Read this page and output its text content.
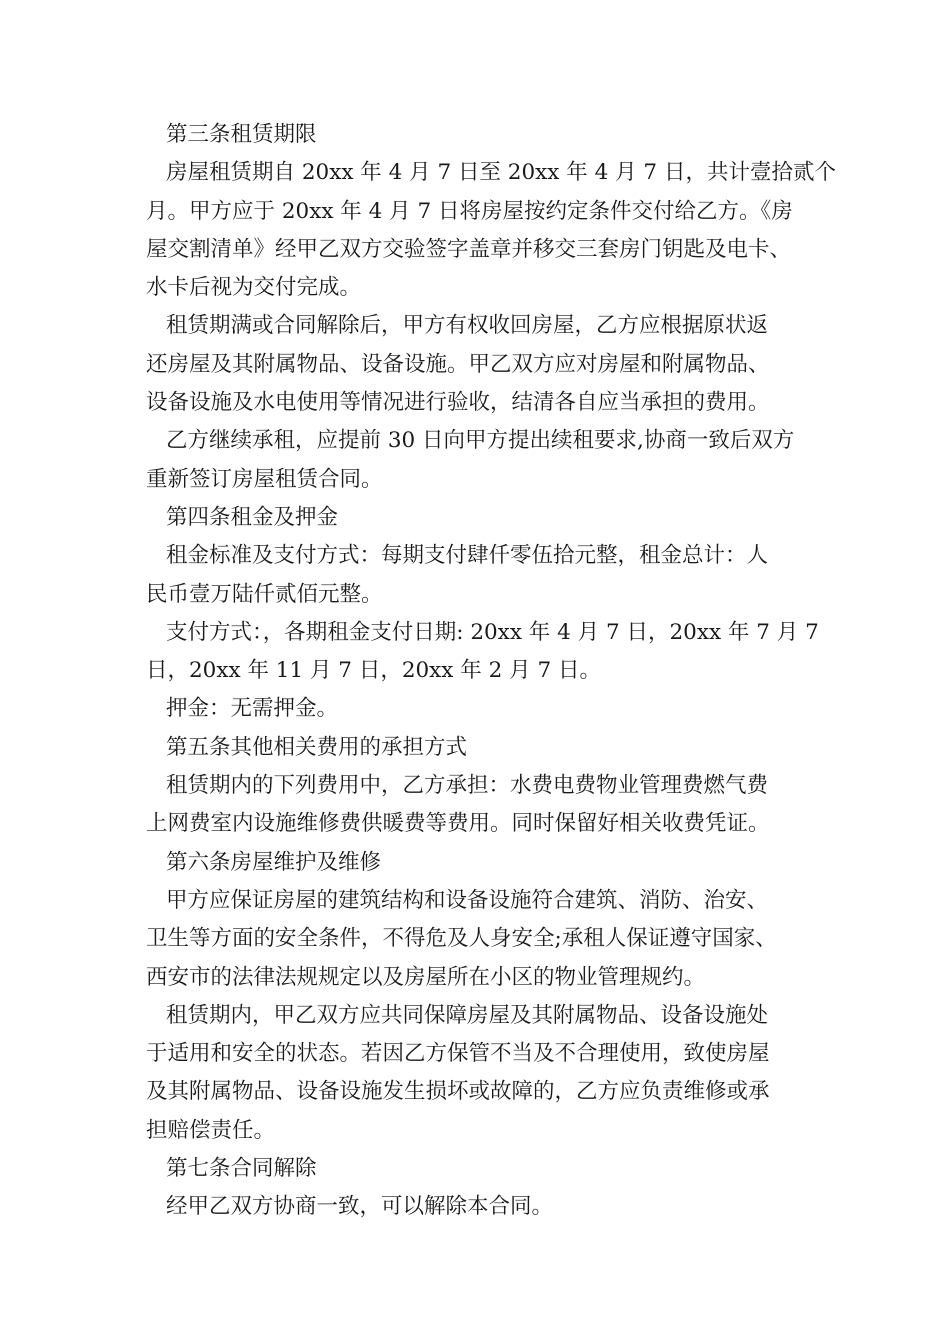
第三条租赁期限
房屋租赁期自 20xx 年 4 月 7 日至 20xx 年 4 月 7 日，共计壹拾贰个
月。甲方应于 20xx 年 4 月 7 日将房屋按约定条件交付给乙方。《房
屋交割清单》经甲乙双方交验签字盖章并移交三套房门钥匙及电卡、
水卡后视为交付完成。
租赁期满或合同解除后，甲方有权收回房屋，乙方应根据原状返
还房屋及其附属物品、设备设施。甲乙双方应对房屋和附属物品、
设备设施及水电使用等情况进行验收，结清各自应当承担的费用。
乙方继续承租，应提前 30 日向甲方提出续租要求,协商一致后双方
重新签订房屋租赁合同。
第四条租金及押金
租金标准及支付方式：每期支付肆仟零伍拾元整，租金总计：人
民币壹万陆仟贰佰元整。
支付方式：，各期租金支付日期: 20xx 年 4 月 7 日，20xx 年 7 月 7
日，20xx 年 11 月 7 日，20xx 年 2 月 7 日。
押金：无需押金。
第五条其他相关费用的承担方式
租赁期内的下列费用中，乙方承担：水费电费物业管理费燃气费
上网费室内设施维修费供暖费等费用。同时保留好相关收费凭证。
第六条房屋维护及维修
甲方应保证房屋的建筑结构和设备设施符合建筑、消防、治安、
卫生等方面的安全条件，不得危及人身安全;承租人保证遵守国家、
西安市的法律法规规定以及房屋所在小区的物业管理规约。
租赁期内，甲乙双方应共同保障房屋及其附属物品、设备设施处
于适用和安全的状态。若因乙方保管不当及不合理使用，致使房屋
及其附属物品、设备设施发生损坏或故障的，乙方应负责维修或承
担赔偿责任。
第七条合同解除
经甲乙双方协商一致，可以解除本合同。
